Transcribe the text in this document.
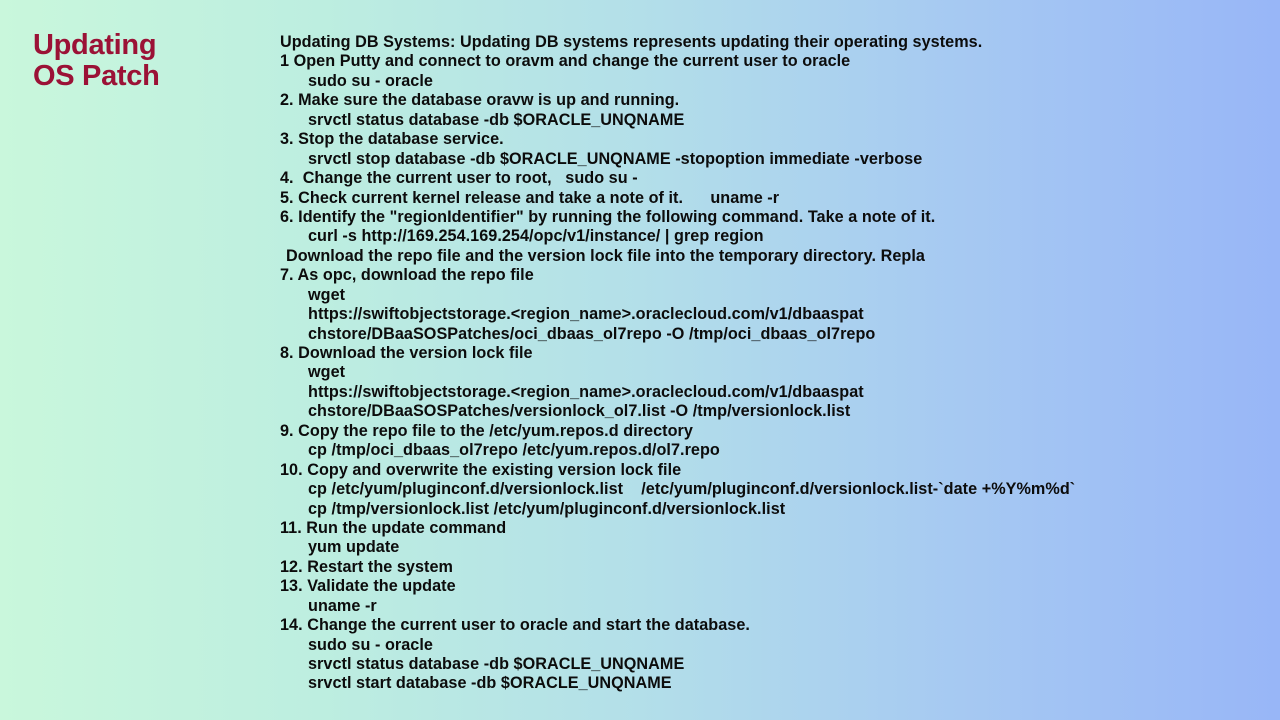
Updating
OS Patch
Updating DB Systems: Updating DB systems represents updating their operating systems.
1 Open Putty and connect to oravm and change the current user to oracle
sudo su - oracle
2. Make sure the database oravw is up and running.
srvctl status database -db $ORACLE_UNQNAME
3. Stop the database service.
srvctl stop database -db $ORACLE_UNQNAME -stopoption immediate -verbose
4.  Change the current user to root,   sudo su -
5. Check current kernel release and take a note of it.      uname -r
6. Identify the "regionIdentifier" by running the following command. Take a note of it.
curl -s http://169.254.169.254/opc/v1/instance/ | grep region
Download the repo file and the version lock file into the temporary directory. Repla
7. As opc, download the repo file
wget
https://swiftobjectstorage.<region_name>.oraclecloud.com/v1/dbaaspat
chstore/DBaaSOSPatches/oci_dbaas_ol7repo -O /tmp/oci_dbaas_ol7repo
8. Download the version lock file
wget
https://swiftobjectstorage.<region_name>.oraclecloud.com/v1/dbaaspat
chstore/DBaaSOSPatches/versionlock_ol7.list -O /tmp/versionlock.list
9. Copy the repo file to the /etc/yum.repos.d directory
cp /tmp/oci_dbaas_ol7repo /etc/yum.repos.d/ol7.repo
10. Copy and overwrite the existing version lock file
cp /etc/yum/pluginconf.d/versionlock.list    /etc/yum/pluginconf.d/versionlock.list-`date +%Y%m%d`
cp /tmp/versionlock.list /etc/yum/pluginconf.d/versionlock.list
11. Run the update command
yum update
12. Restart the system
13. Validate the update
uname -r
14. Change the current user to oracle and start the database.
sudo su - oracle
srvctl status database -db $ORACLE_UNQNAME
srvctl start database -db $ORACLE_UNQNAME
